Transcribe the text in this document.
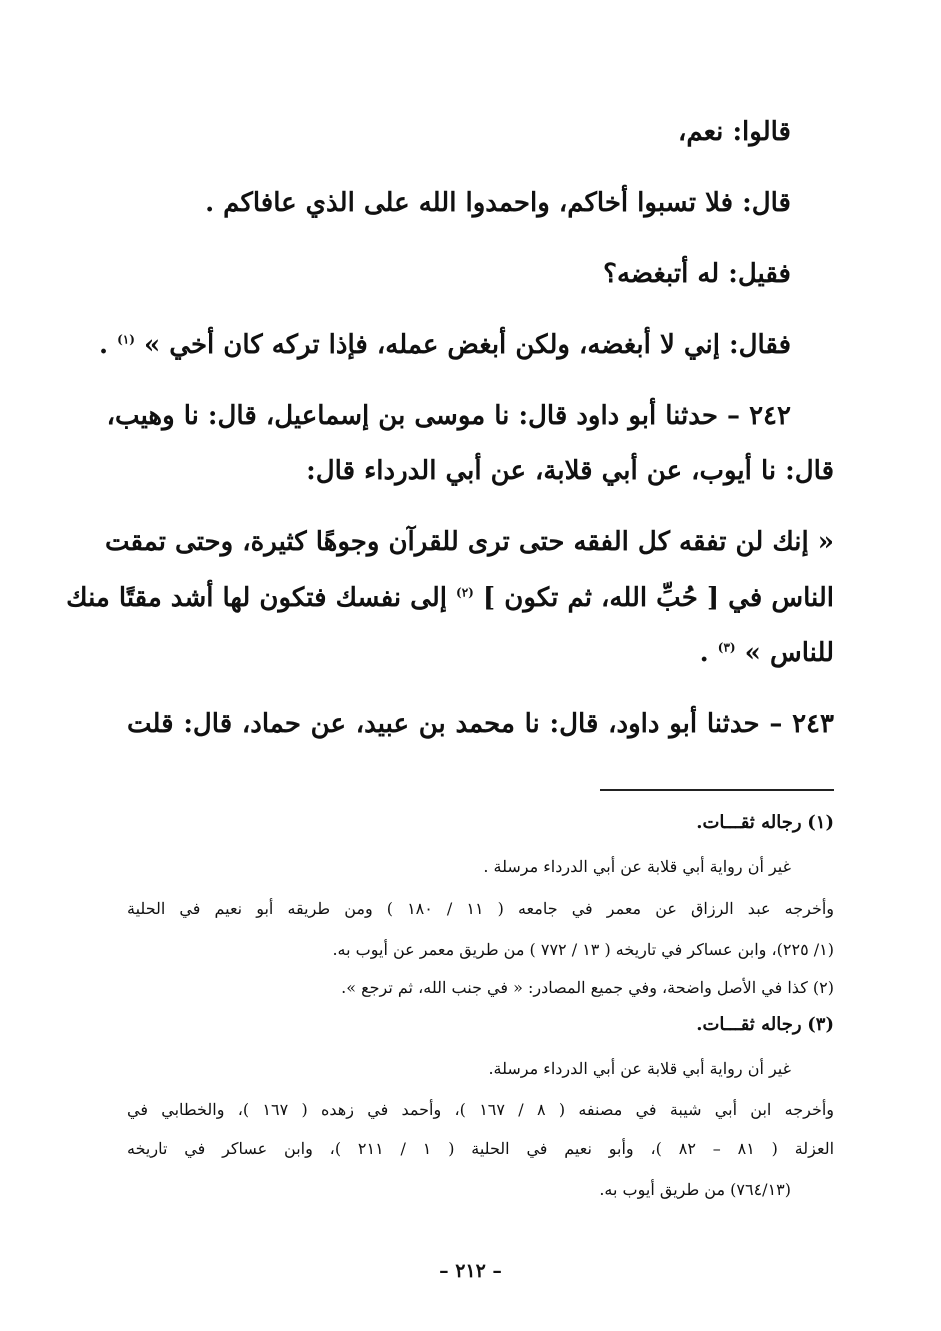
قالوا: نعم،
قال: فلا تسبوا أخاكم، واحمدوا الله على الذي عافاكم .
فقيل: له أتبغضه؟
فقال: إني لا أبغضه، ولكن أبغض عمله، فإذا تركه كان أخي » $^{(١)}$ .
٢٤٢ – حدثنا أبو داود قال: نا موسى بن إسماعيل، قال: نا وهيب،
قال: نا أيوب، عن أبي قلابة، عن أبي الدرداء قال:
« إنك لن تفقه كل الفقه حتى ترى للقرآن وجوهًا كثيرة، وحتى تمقت
الناس في [ حُبِّ الله، ثم تكون ] $^{(٢)}$ إلى نفسك فتكون لها أشد مقتًا منك
للناس » $^{(٣)}$ .
٢٤٣ – حدثنا أبو داود، قال: نا محمد بن عبيد، عن حماد، قال: قلت
(١) رجاله ثقـــات.
غير أن رواية أبي قلابة عن أبي الدرداء مرسلة .
وأخرجه عبد الرزاق عن معمر في جامعه ( ١١ / ١٨٠ ) ومن طريقه أبو نعيم في الحلية
(١/ ٢٢٥)، وابن عساكر في تاريخه ( ١٣ / ٧٧٢ ) من طريق معمر عن أيوب به.
(٢) كذا في الأصل واضحة، وفي جميع المصادر: « في جنب الله، ثم ترجع ».
(٣) رجاله ثقـــات.
غير أن رواية أبي قلابة عن أبي الدرداء مرسلة.
وأخرجه ابن أبي شيبة في مصنفه ( ٨ / ١٦٧ )، وأحمد في زهده ( ١٦٧ )، والخطابي في
العزلة ( ٨١ – ٨٢ )، وأبو نعيم في الحلية ( ١ / ٢١١ )، وابن عساكر في تاريخه
(٧٦٤/١٣) من طريق أيوب به.
– ٢١٢ –
